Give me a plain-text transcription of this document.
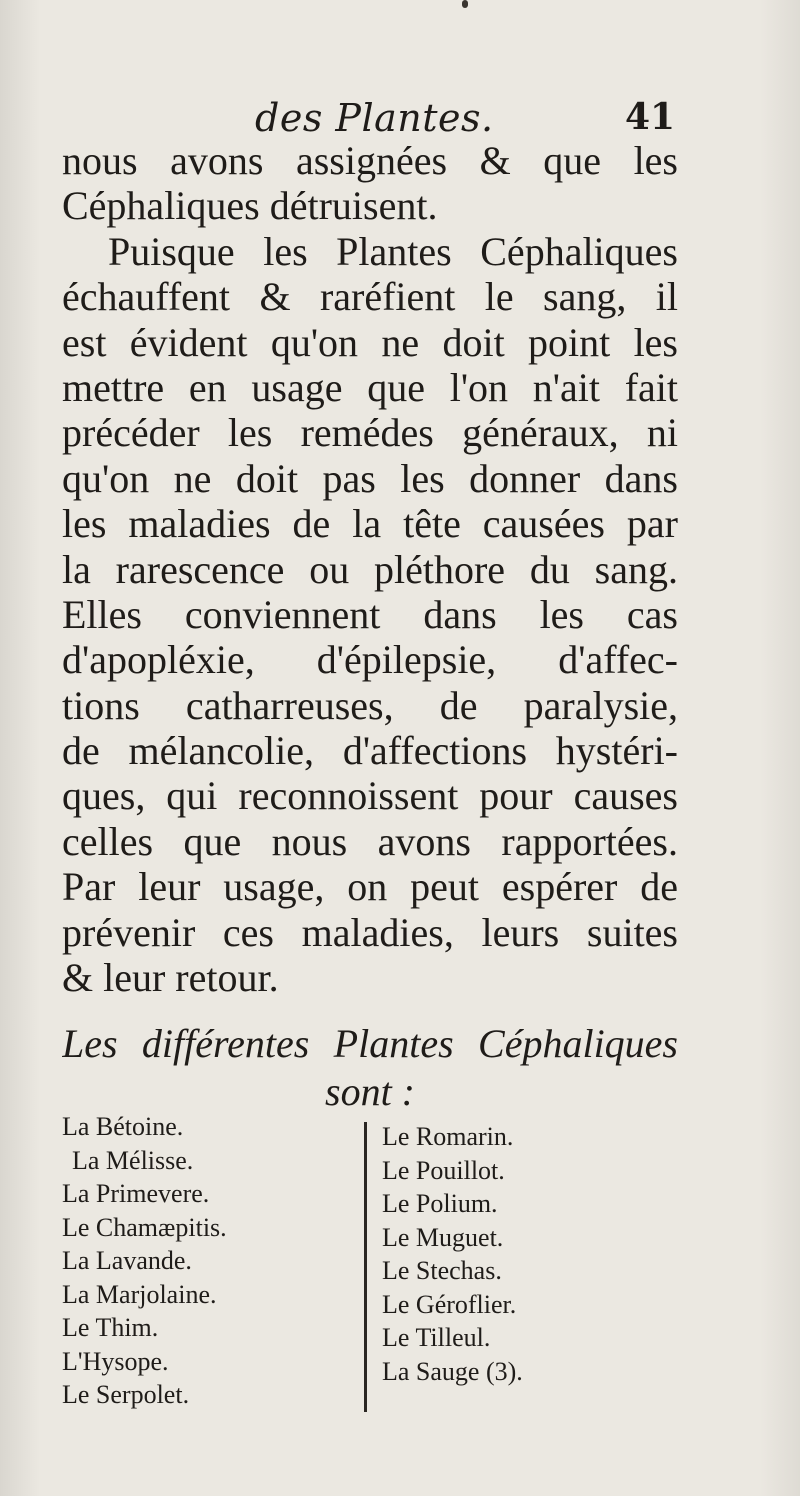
des Plantes.	41
nous avons assignées & que les
Céphaliques détruisent.
Puisque les Plantes Céphaliques
échauffent & raréfient le sang, il
est évident qu'on ne doit point les
mettre en usage que l'on n'ait fait
précéder les remédes généraux, ni
qu'on ne doit pas les donner dans
les maladies de la tête causées par
la rarescence ou pléthore du sang.
Elles conviennent dans les cas
d'apopléxie, d'épilepsie, d'affec-
tions catharreuses, de paralysie,
de mélancolie, d'affections hystéri-
ques, qui reconnoissent pour causes
celles que nous avons rapportées.
Par leur usage, on peut espérer de
prévenir ces maladies, leurs suites
& leur retour.
Les différentes Plantes Céphaliques
sont :
La Bétoine.
La Mélisse.
La Primevere.
Le Chamæpitis.
La Lavande.
La Marjolaine.
Le Thim.
L'Hysope.
Le Serpolet.
Le Romarin.
Le Pouillot.
Le Polium.
Le Muguet.
Le Stechas.
Le Géroflier.
Le Tilleul.
La Sauge (3).
